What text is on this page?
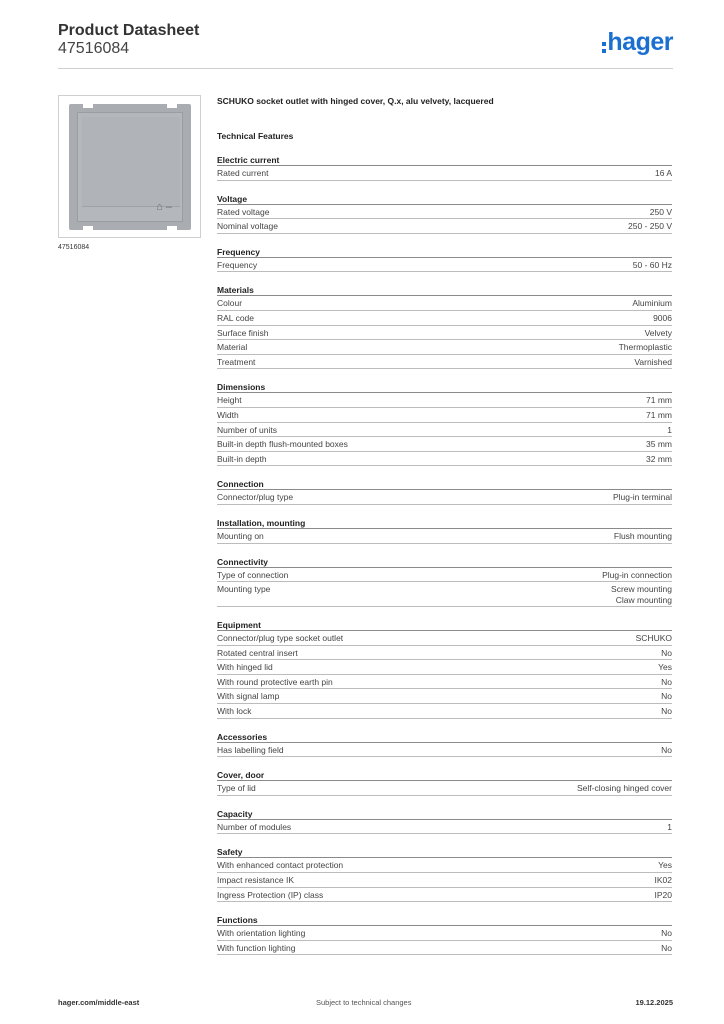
Product Datasheet
47516084	hager
⌂ –
47516084
SCHUKO socket outlet with hinged cover, Q.x, alu velvety, lacquered
Technical Features
Electric current
Rated current	16 A
Voltage
Rated voltage	250 V
Nominal voltage	250 - 250 V
Frequency
Frequency	50 - 60 Hz
Materials
Colour	Aluminium
RAL code	9006
Surface finish	Velvety
Material	Thermoplastic
Treatment	Varnished
Dimensions
Height	71 mm
Width	71 mm
Number of units	1
Built-in depth flush-mounted boxes	35 mm
Built-in depth	32 mm
Connection
Connector/plug type	Plug-in terminal
Installation, mounting
Mounting on	Flush mounting
Connectivity
Type of connection	Plug-in connection
Mounting type	Screw mounting
Claw mounting
Equipment
Connector/plug type socket outlet	SCHUKO
Rotated central insert	No
With hinged lid	Yes
With round protective earth pin	No
With signal lamp	No
With lock	No
Accessories
Has labelling field	No
Cover, door
Type of lid	Self-closing hinged cover
Capacity
Number of modules	1
Safety
With enhanced contact protection	Yes
Impact resistance IK	IK02
Ingress Protection (IP) class	IP20
Functions
With orientation lighting	No
With function lighting	No
hager.com/middle-east	Subject to technical changes	19.12.2025
